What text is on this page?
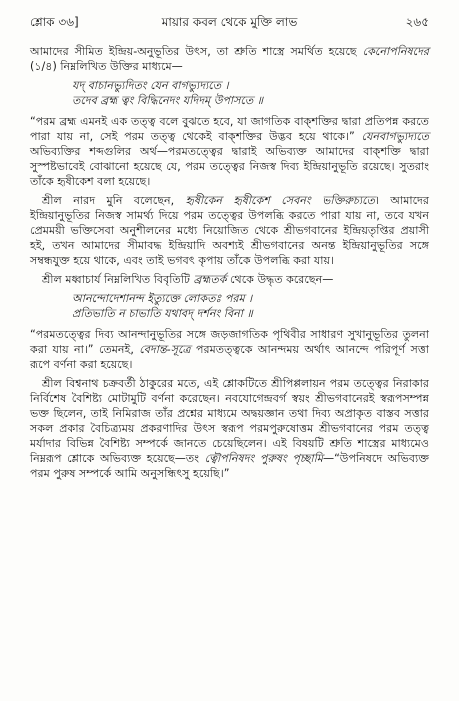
শ্লোক ৩৬]	মায়ার কবল থেকে মুক্তি লাভ	২৬৫

আমাদের সীমিত ইন্দ্রিয়-অনুভূতির উৎস, তা শ্রুতি শাস্ত্রে সমর্থিত হয়েছে কেনোপনিষদের (১/৪) নিম্নলিখিত উক্তির মাধ্যমে—

যদ্ বাচানভ্যুদিতং যেন বাগভ্যুদ্যতে ।
তদেব ব্রহ্ম ত্বং বিদ্ধিনেদং যদিদম্ উপাসতে ॥

“পরম ব্রহ্ম এমনই এক তত্ত্ব বলে বুঝতে হবে, যা জাগতিক বাক্শক্তির দ্বারা প্রতিপন্ন করতে পারা যায় না, সেই পরম তত্ত্ব থেকেই বাক্শক্তির উদ্ভব হয়ে থাকে।” যেনবাগভ্যুদ্যতে অভিব্যক্তির শব্দগুলির অর্থ—পরমতত্ত্বের দ্বারাই অভিব্যক্ত আমাদের বাক্শক্তি দ্বারা সুস্পষ্টভাবেই বোঝানো হয়েছে যে, পরম তত্ত্বের নিজস্ব দিব্য ইন্দ্রিয়ানুভূতি রয়েছে। সুতরাং তাঁকে হৃষীকেশ বলা হয়েছে।

শ্রীল নারদ মুনি বলেছেন, হৃষীকেন হৃষীকেশ সেবনং ভক্তিরুচ্যতে। আমাদের ইন্দ্রিয়ানুভূতির নিজস্ব সামর্থ্য দিয়ে পরম তত্ত্বের উপলব্ধি করতে পারা যায় না, তবে যখন প্রেমময়ী ভক্তিসেবা অনুশীলনের মধ্যে নিয়োজিত থেকে শ্রীভগবানের ইন্দ্রিয়তৃপ্তির প্রয়াসী হই, তখন আমাদের সীমাবদ্ধ ইন্দ্রিয়াদি অবশ্যই শ্রীভগবানের অনন্ত ইন্দ্রিয়ানুভূতির সঙ্গে সম্বন্ধযুক্ত হয়ে থাকে, এবং তাই ভগবৎ কৃপায় তাঁকে উপলব্ধি করা যায়।

শ্রীল মধ্বাচার্য নিম্নলিখিত বিবৃতিটি ব্রহ্মতর্ক থেকে উদ্ধৃত করেছেন—

আনন্দোদেশানন্দ ইত্যুক্তে লোকতঃ পরম ।
প্রতিভাতি ন চাভাতি যথাবদ্ দর্শনং বিনা ॥

“পরমতত্ত্বের দিব্য আনন্দানুভূতির সঙ্গে জড়জাগতিক পৃথিবীর সাধারণ সুখানুভূতির তুলনা করা যায় না।” তেমনই, বেদান্ত-সূত্রে পরমতত্ত্বকে আনন্দময় অর্থাৎ আনন্দে পরিপূর্ণ সত্তা রূপে বর্ণনা করা হয়েছে।

শ্রীল বিশ্বনাথ চক্রবর্তী ঠাকুরের মতে, এই শ্লোকটিতে শ্রীপিপ্পলায়ন পরম তত্ত্বের নিরাকার নির্বিশেষ বৈশিষ্ট্য মোটামুটি বর্ণনা করেছেন। নবযোগেন্দ্রবর্গ স্বয়ং শ্রীভগবানেরই স্বরূপসম্পন্ন ভক্ত ছিলেন, তাই নিমিরাজ তাঁর প্রশ্নের মাধ্যমে অদ্বয়জ্ঞান তথা দিব্য অপ্রাকৃত বাস্তব সত্তার সকল প্রকার বৈচিত্র্যময় প্রকরণাদির উৎস স্বরূপ পরমপুরুষোত্তম শ্রীভগবানের পরম তত্ত্ব মর্যাদার বিভিন্ন বৈশিষ্ট্য সম্পর্কে জানতে চেয়েছিলেন। এই বিষয়টি শ্রুতি শাস্ত্রের মাধ্যমেও নিম্নরূপ শ্লোকে অভিব্যক্ত হয়েছে—তং ত্বৌপনিষদং পুরুষং পৃচ্ছামি—“উপনিষদে অভিব্যক্ত পরম পুরুষ সম্পর্কে আমি অনুসন্ধিৎসু হয়েছি।”
